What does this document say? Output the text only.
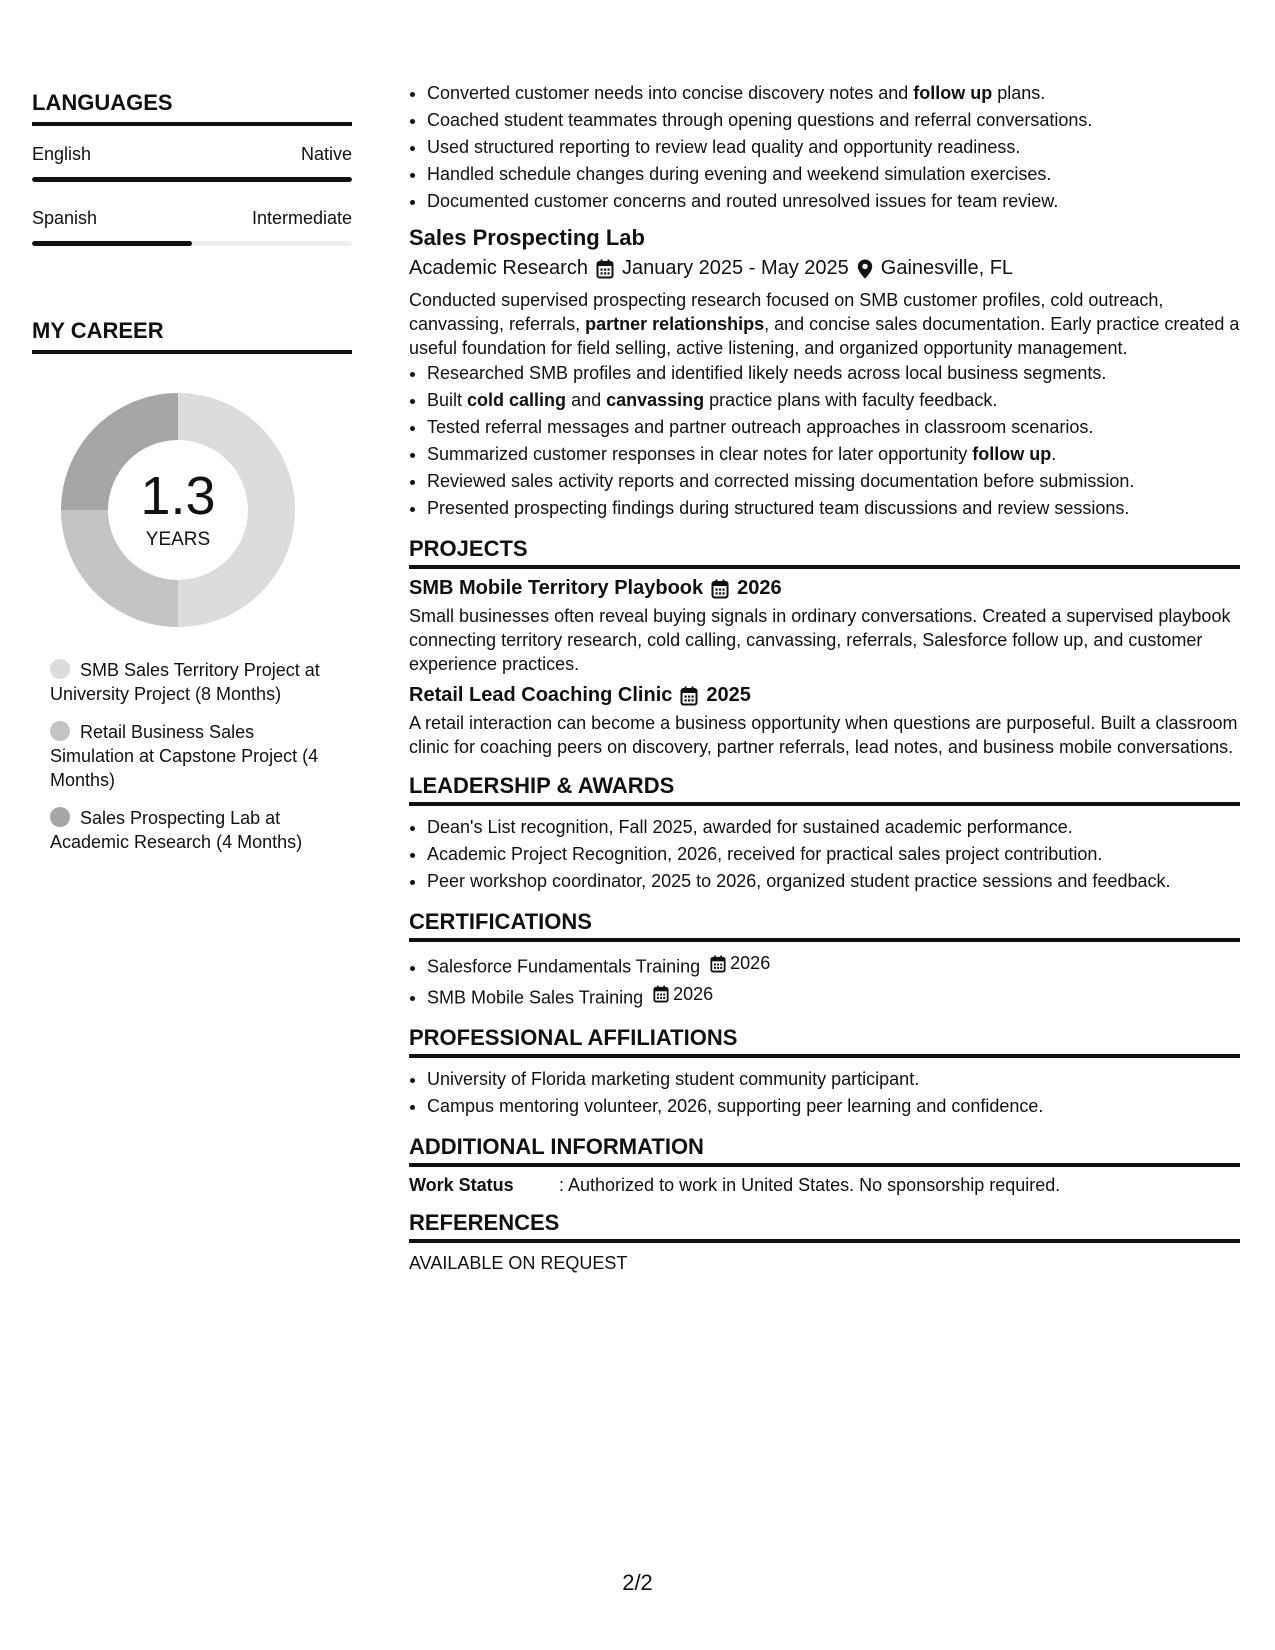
LANGUAGES
English	Native
Spanish	Intermediate
MY CAREER
1.3
YEARS
SMB Sales Territory Project at University Project (8 Months)
Retail Business Sales Simulation at Capstone Project (4 Months)
Sales Prospecting Lab at Academic Research (4 Months)
• Converted customer needs into concise discovery notes and follow up plans.
• Coached student teammates through opening questions and referral conversations.
• Used structured reporting to review lead quality and opportunity readiness.
• Handled schedule changes during evening and weekend simulation exercises.
• Documented customer concerns and routed unresolved issues for team review.
Sales Prospecting Lab
Academic Research January 2025 - May 2025 Gainesville, FL
Conducted supervised prospecting research focused on SMB customer profiles, cold outreach, canvassing, referrals, partner relationships, and concise sales documentation. Early practice created a useful foundation for field selling, active listening, and organized opportunity management.
• Researched SMB profiles and identified likely needs across local business segments.
• Built cold calling and canvassing practice plans with faculty feedback.
• Tested referral messages and partner outreach approaches in classroom scenarios.
• Summarized customer responses in clear notes for later opportunity follow up.
• Reviewed sales activity reports and corrected missing documentation before submission.
• Presented prospecting findings during structured team discussions and review sessions.
PROJECTS
SMB Mobile Territory Playbook 2026
Small businesses often reveal buying signals in ordinary conversations. Created a supervised playbook connecting territory research, cold calling, canvassing, referrals, Salesforce follow up, and customer experience practices.
Retail Lead Coaching Clinic 2025
A retail interaction can become a business opportunity when questions are purposeful. Built a classroom clinic for coaching peers on discovery, partner referrals, lead notes, and business mobile conversations.
LEADERSHIP & AWARDS
• Dean's List recognition, Fall 2025, awarded for sustained academic performance.
• Academic Project Recognition, 2026, received for practical sales project contribution.
• Peer workshop coordinator, 2025 to 2026, organized student practice sessions and feedback.
CERTIFICATIONS
• Salesforce Fundamentals Training 2026
• SMB Mobile Sales Training 2026
PROFESSIONAL AFFILIATIONS
• University of Florida marketing student community participant.
• Campus mentoring volunteer, 2026, supporting peer learning and confidence.
ADDITIONAL INFORMATION
Work Status	: Authorized to work in United States. No sponsorship required.
REFERENCES
AVAILABLE ON REQUEST
2/2
